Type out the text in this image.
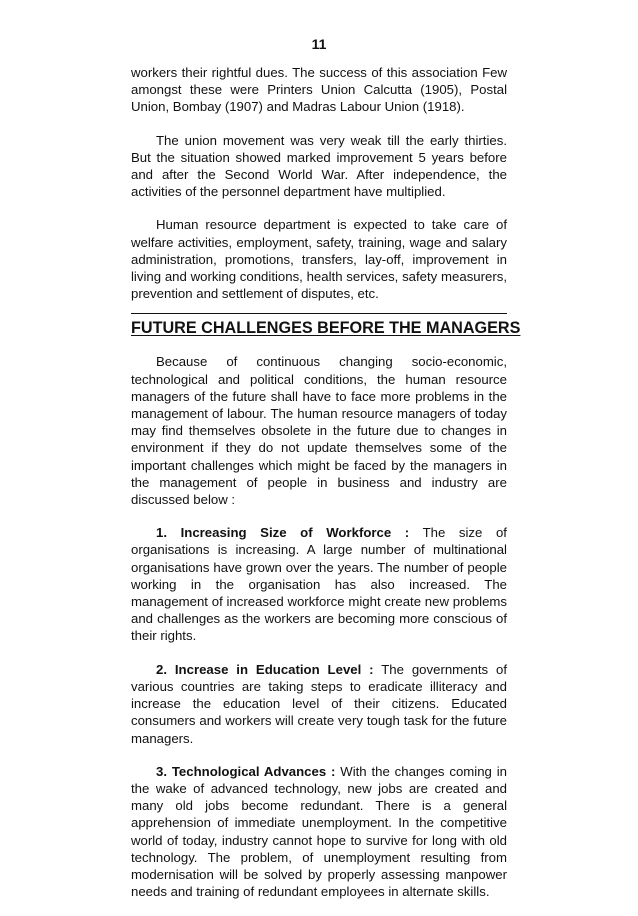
11

workers their rightful dues. The success of this association Few amongst these were Printers Union Calcutta (1905), Postal Union, Bombay (1907) and Madras Labour Union (1918).

The union movement was very weak till the early thirties. But the situation showed marked improvement 5 years before and after the Second World War. After independence, the activities of the personnel department have multiplied.

Human resource department is expected to take care of welfare activities, employment, safety, training, wage and salary administration, promotions, transfers, lay-off, improvement in living and working conditions, health services, safety measurers, prevention and settlement of disputes, etc.

FUTURE CHALLENGES BEFORE THE MANAGERS

Because of continuous changing socio-economic, technological and political conditions, the human resource managers of the future shall have to face more problems in the management of labour. The human resource managers of today may find themselves obsolete in the future due to changes in environment if they do not update themselves some of the important challenges which might be faced by the managers in the management of people in business and industry are discussed below :

1. Increasing Size of Workforce : The size of organisations is increasing. A large number of multinational organisations have grown over the years. The number of people working in the organisation has also increased. The management of increased workforce might create new problems and challenges as the workers are becoming more conscious of their rights.

2. Increase in Education Level : The governments of various countries are taking steps to eradicate illiteracy and increase the education level of their citizens. Educated consumers and workers will create very tough task for the future managers.

3. Technological Advances : With the changes coming in the wake of advanced technology, new jobs are created and many old jobs become redundant. There is a general apprehension of immediate unemployment. In the competitive world of today, industry cannot hope to survive for long with old technology. The problem, of unemployment resulting from modernisation will be solved by properly assessing manpower needs and training of redundant employees in alternate skills.
